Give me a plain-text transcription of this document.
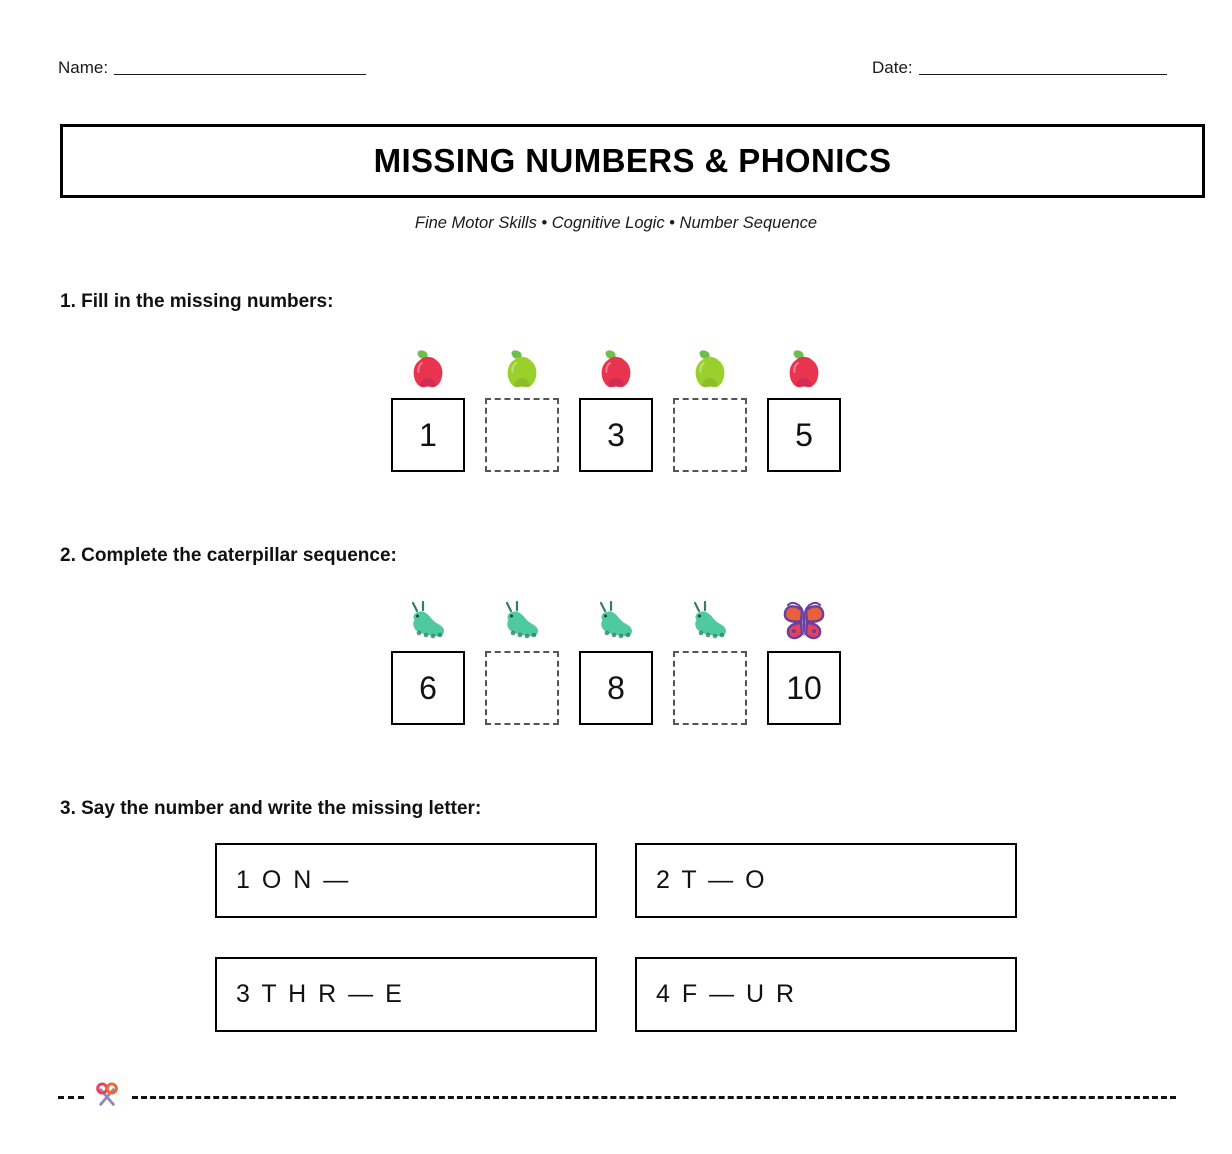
Name:	Date:
MISSING NUMBERS & PHONICS
Fine Motor Skills • Cognitive Logic • Number Sequence
1. Fill in the missing numbers:
1	3	5
2. Complete the caterpillar sequence:
6	8	10
3. Say the number and write the missing letter:
1 O N —	2 T — O
3 T H R — E	4 F — U R
